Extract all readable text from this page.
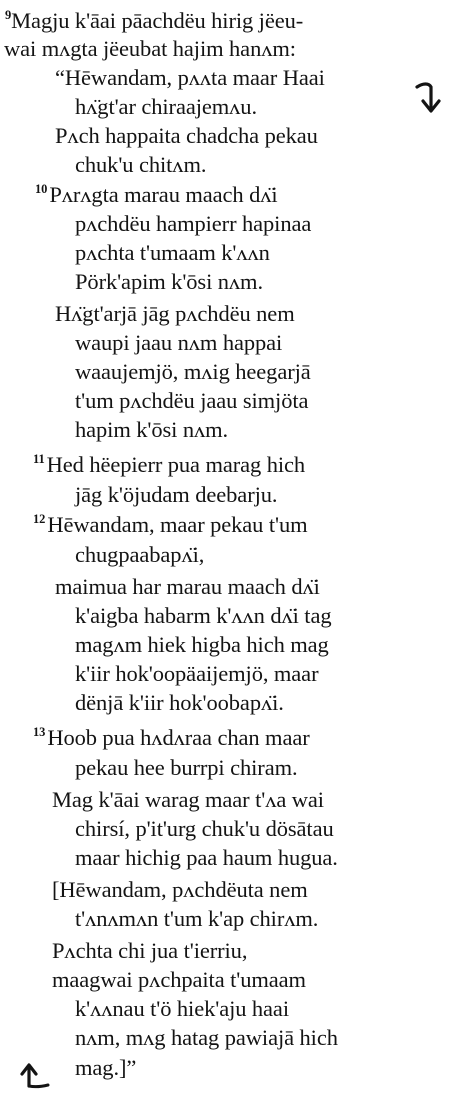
$^9$Magju k'āai pāachdëu hirig jëeu-
wai mʌgta jëeubat hajim hanʌm:
“Hēwandam, pʌʌta maar Haai
hʌ̈gt'ar chiraajemʌu.
Pʌch happaita chadcha pekau
chuk'u chitʌm.
$^{10}$Pʌrʌgta marau maach dʌ̈i
pʌchdëu hampierr hapinaa
pʌchta t'umaam k'ʌʌn
Pörk'apim k'ōsi nʌm.
Hʌ̈gt'arjā jāg pʌchdëu nem
waupi jaau nʌm happai
waaujemjö, mʌig heegarjā
t'um pʌchdëu jaau simjöta
hapim k'ōsi nʌm.
$^{11}$Hed hëepierr pua marag hich
jāg k'öjudam deebarju.
$^{12}$Hēwandam, maar pekau t'um
chugpaabapʌ̈i,
maimua har marau maach dʌ̈i
k'aigba habarm k'ʌʌn dʌ̈i tag
magʌm hiek higba hich mag
k'iir hok'oopäaijemjö, maar
dënjā k'iir hok'oobapʌ̈i.
$^{13}$Hoob pua hʌdʌraa chan maar
pekau hee burrpi chiram.
Mag k'āai warag maar t'ʌa wai
chirsí, p'it'urg chuk'u dösātau
maar hichig paa haum hugua.
[Hēwandam, pʌchdëuta nem
t'ʌnʌmʌn t'um k'ap chirʌm.
Pʌchta chi jua t'ierriu,
maagwai pʌchpaita t'umaam
k'ʌʌnau t'ö hiek'aju haai
nʌm, mʌg hatag pawiajā hich
mag.]”
